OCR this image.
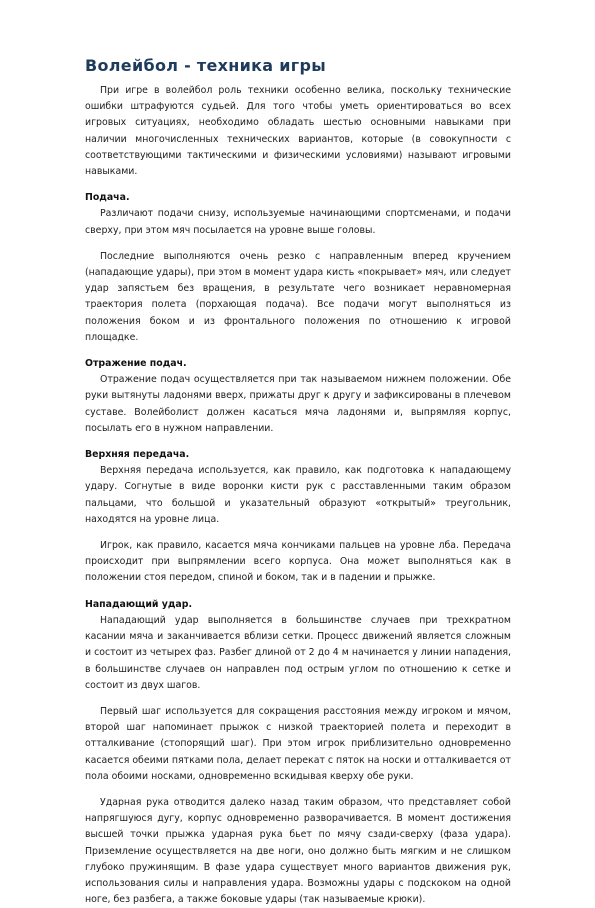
Волейбол - техника игры

При игре в волейбол роль техники особенно велика, поскольку технические ошибки штрафуются судьей. Для того чтобы уметь ориентироваться во всех игровых ситуациях, необходимо обладать шестью основными навыками при наличии многочисленных технических вариантов, которые (в совокупности с соответствующими тактическими и физическими условиями) называют игровыми навыками.

Подача.

Различают подачи снизу, используемые начинающими спортсменами, и подачи сверху, при этом мяч посылается на уровне выше головы.

Последние выполняются очень резко с направленным вперед кручением (нападающие удары), при этом в момент удара кисть «покрывает» мяч, или следует удар запястьем без вращения, в результате чего возникает неравномерная траектория полета (порхающая подача). Все подачи могут выполняться из положения боком и из фронтального положения по отношению к игровой площадке.

Отражение подач.

Отражение подач осуществляется при так называемом нижнем положении. Обе руки вытянуты ладонями вверх, прижаты друг к другу и зафиксированы в плечевом суставе. Волейболист должен касаться мяча ладонями и, выпрямляя корпус, посылать его в нужном направлении.

Верхняя передача.

Верхняя передача используется, как правило, как подготовка к нападающему удару. Согнутые в виде воронки кисти рук с расставленными таким образом пальцами, что большой и указательный образуют «открытый» треугольник, находятся на уровне лица.

Игрок, как правило, касается мяча кончиками пальцев на уровне лба. Передача происходит при выпрямлении всего корпуса. Она может выполняться как в положении стоя передом, спиной и боком, так и в падении и прыжке.

Нападающий удар.

Нападающий удар выполняется в большинстве случаев при трехкратном касании мяча и заканчивается вблизи сетки. Процесс движений является сложным и состоит из четырех фаз. Разбег длиной от 2 до 4 м начинается у линии нападения, в большинстве случаев он направлен под острым углом по отношению к сетке и состоит из двух шагов.

Первый шаг используется для сокращения расстояния между игроком и мячом, второй шаг напоминает прыжок с низкой траекторией полета и переходит в отталкивание (стопорящий шаг). При этом игрок приблизительно одновременно касается обеими пятками пола, делает перекат с пяток на носки и отталкивается от пола обоими носками, одновременно вскидывая кверху обе руки.

Ударная рука отводится далеко назад таким образом, что представляет собой напрягшуюся дугу, корпус одновременно разворачивается. В момент достижения высшей точки прыжка ударная рука бьет по мячу сзади-сверху (фаза удара). Приземление осуществляется на две ноги, оно должно быть мягким и не слишком глубоко пружинящим. В фазе удара существует много вариантов движения рук, использования силы и направления удара. Возможны удары с подскоком на одной ноге, без разбега, а также боковые удары (так называемые крюки).
